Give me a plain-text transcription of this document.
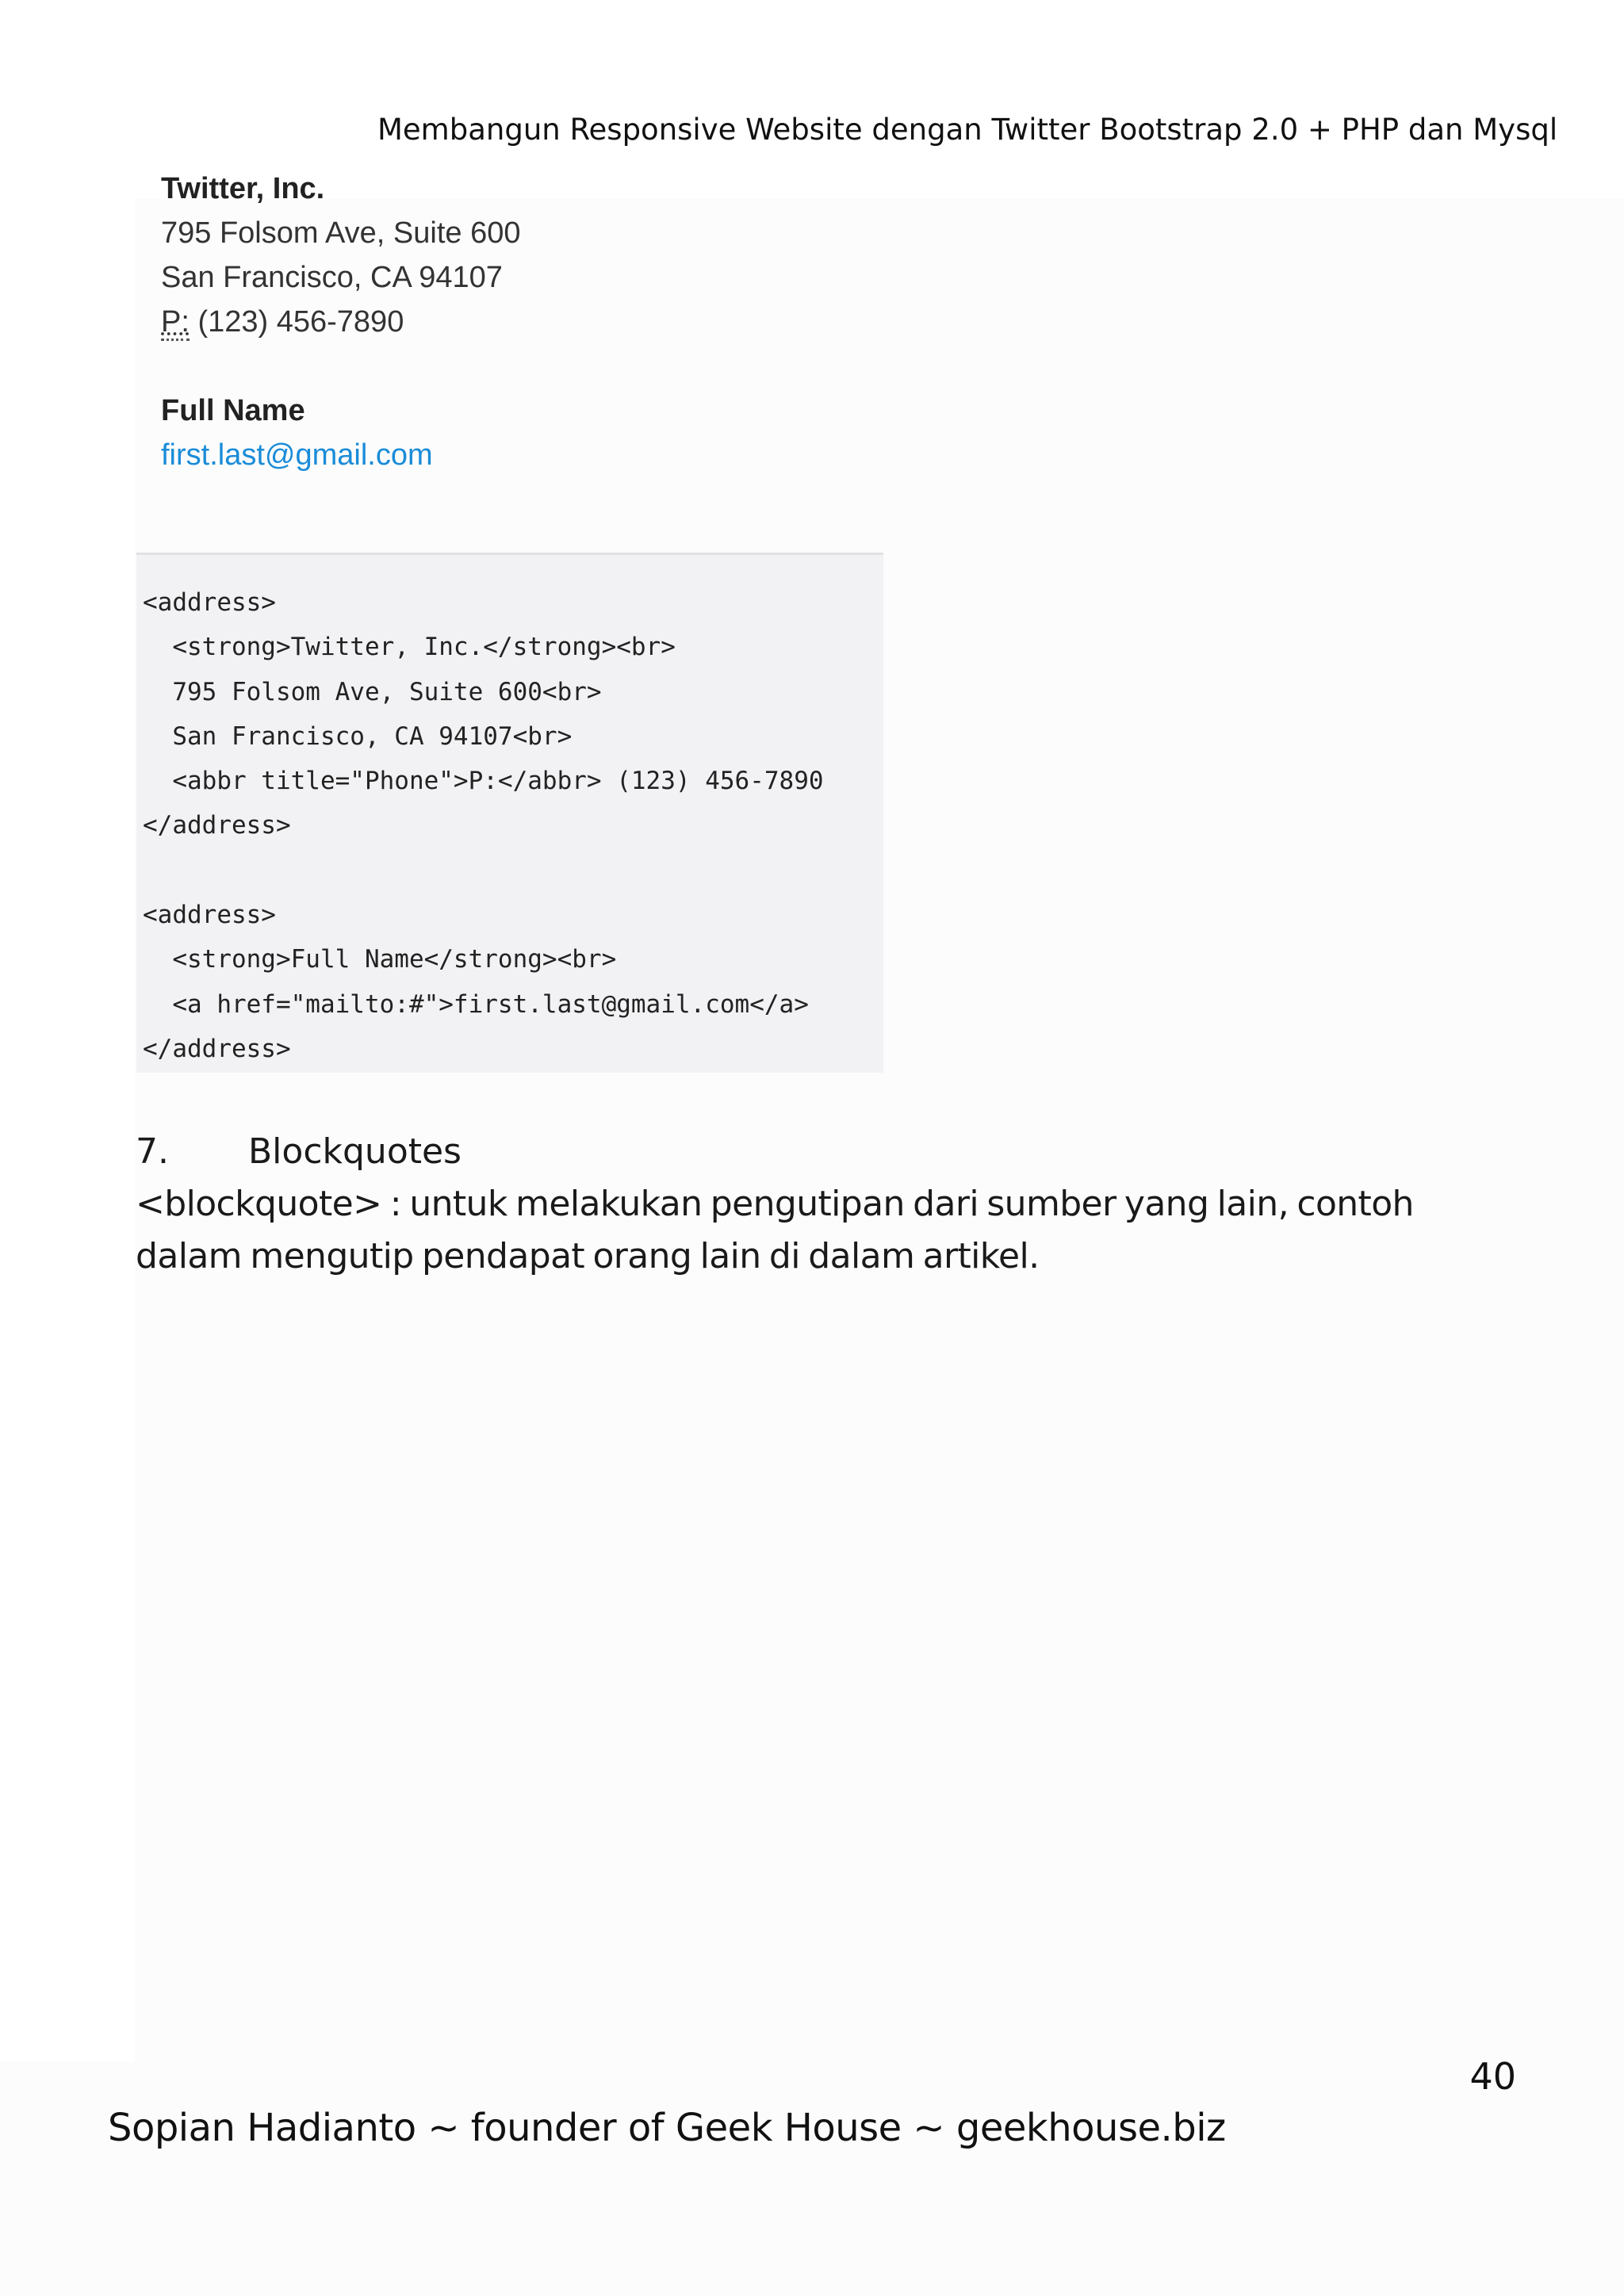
Membangun Responsive Website dengan Twitter Bootstrap 2.0 + PHP dan Mysql
Twitter, Inc.
795 Folsom Ave, Suite 600
San Francisco, CA 94107
P: (123) 456-7890
Full Name
first.last@gmail.com
<address>
<strong>Twitter, Inc.</strong><br>
795 Folsom Ave, Suite 600<br>
San Francisco, CA 94107<br>
<abbr title="Phone">P:</abbr> (123) 456-7890
</address>

<address>
<strong>Full Name</strong><br>
<a href="mailto:#">first.last@gmail.com</a>
</address>
7. Blockquotes
<blockquote> : untuk melakukan pengutipan dari sumber yang lain, contoh dalam mengutip pendapat orang lain di dalam artikel.
40
Sopian Hadianto ~ founder of Geek House ~ geekhouse.biz
